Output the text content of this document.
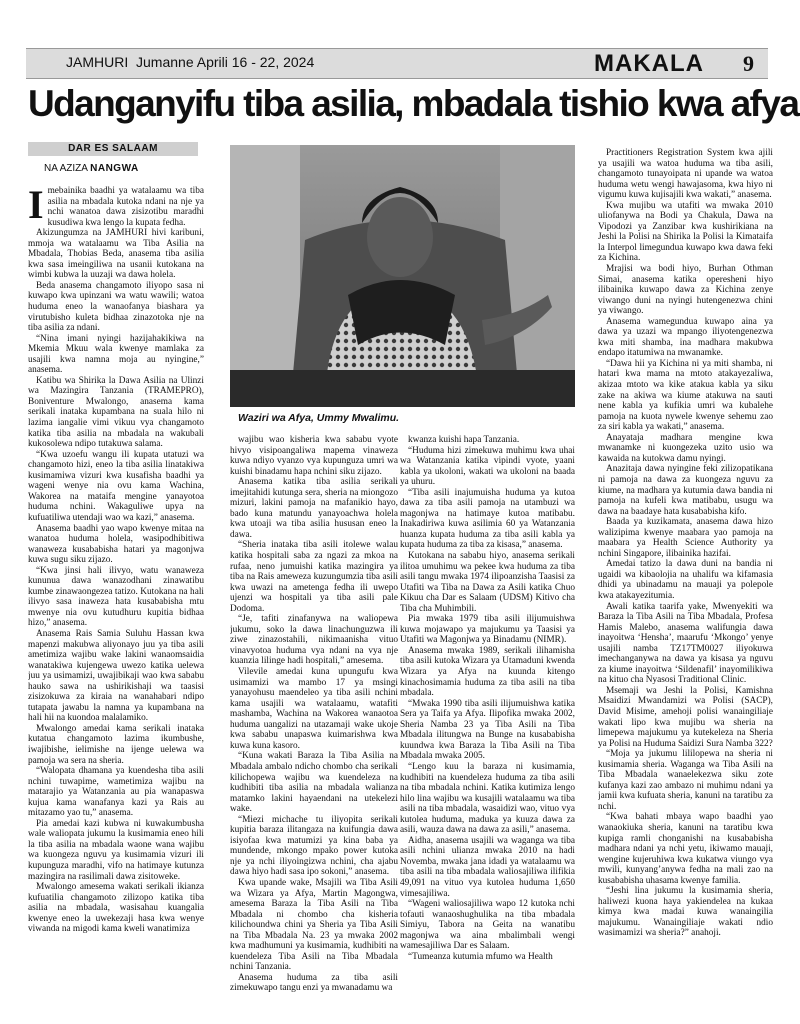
JAMHURI Jumanne Aprili 16 - 22, 2024	MAKALA 9
Udanganyifu tiba asilia, mbadala tishio kwa afya
DAR ES SALAAM
NA AZIZA NANGWA
I mebainika baadhi ya watalaamu wa tiba asilia na mbadala kutoka ndani na nje ya nchi wanatoa dawa zisizotibu maradhi kusudiwa kwa lengo la kupata fedha.

Akizungumza na JAMHURI hivi karibuni, mmoja wa watalaamu wa Tiba Asilia na Mbadala, Thobias Beda, anasema tiba asilia kwa sasa imeingiliwa na usanii kutokana na wimbi kubwa la uuzaji wa dawa holela.

Beda anasema changamoto iliyopo sasa ni kuwapo kwa upinzani wa watu wawili; watoa huduma eneo la wanaofanya biashara ya virutubisho kuleta bidhaa zinazotoka nje na tiba asilia za ndani.

“Nina imani nyingi hazijahakikiwa na Mkemia Mkuu wala kwenye mamlaka za usajili kwa namna moja au nyingine,” anasema.

Katibu wa Shirika la Dawa Asilia na Ulinzi wa Mazingira Tanzania (TRAMEPRO), Boniventure Mwalongo, anasema kama serikali inataka kupambana na suala hilo ni lazima iangalie vimi vikuu vya changamoto katika tiba asilia na mbadala na wakubali kukosolewa ndipo tutakuwa salama.

“Kwa uzoefu wangu ili kupata utatuzi wa changamoto hizi, eneo la tiba asilia linatakiwa kusimamiwa vizuri kwa kusafisha baadhi ya wageni wenye nia ovu kama Wachina, Wakorea na mataifa mengine yanayotoa huduma nchini. Wakaguliwe upya na kufuatiliwa utendaji wao wa kazi,” anasema.

Anasema baadhi yao wapo kwenye mitaa na wanatoa huduma holela, wasipodhibitiwa wanaweza kusababisha hatari ya magonjwa kuwa sugu siku zijazo.

“Kwa jinsi hali ilivyo, watu wanaweza kununua dawa wanazodhani zinawatibu kumbe zinawaongezea tatizo. Kutokana na hali ilivyo sasa inaweza hata kusababisha mtu mwenye nia ovu kutudhuru kupitia bidhaa hizo,” anasema.

Anasema Rais Samia Suluhu Hassan kwa mapenzi makubwa aliyonayo juu ya tiba asili ametimiza wajibu wake lakini wanaomsaidia wanatakiwa kujengewa uwezo katika uelewa juu ya usimamizi, uwajibikaji wao kwa sababu hauko sawa na ushirikishaji wa taasisi zisizokuwa za kiraia na wanahabari ndipo tutapata jawabu la namna ya kupambana na hali hii na kuondoa malalamiko.

Mwalongo amedai kama serikali inataka kutatua changamoto lazima ikumbushe, iwajibishe, ielimishe na ijenge uelewa wa pamoja wa sera na sheria.

“Walopata dhamana ya kuendesha tiba asili nchini tuwapime, wametimiza wajibu na matarajio ya Watanzania au pia wanapaswa kujua kama wanafanya kazi ya Rais au mitazamo yao tu,” anasema.

Pia amedai kazi kubwa ni kuwakumbusha wale waliopata jukumu la kusimamia eneo hili la tiba asilia na mbadala waone wana wajibu wa kuongeza nguvu ya kusimamia vizuri ili kupunguza maradhi, vifo na hatimaye kutunza mazingira na rasilimali dawa zisitoweke.

Mwalongo amesema wakati serikali ikianza kufuatilia changamoto zilizopo katika tiba asilia na mbadala, wasisahau kuangalia kwenye eneo la uwekezaji hasa kwa wenye viwanda na migodi kama kweli wanatimiza

Waziri wa Afya, Ummy Mwalimu.

wajibu wao kisheria kwa sababu vyote hivyo visipoangaliwa mapema vinaweza kuwa ndiyo vyanzo vya kupunguza umri wa kuishi binadamu hapa nchini siku zijazo.

Anasema katika tiba asilia serikali imejitahidi kutunga sera, sheria na miongozo mizuri, lakini pamoja na mafanikio hayo, bado kuna matundu yanayoachwa holela kwa utoaji wa tiba asilia hususan eneo la dawa.

“Sheria inataka tiba asili itolewe walau katika hospitali saba za ngazi za mkoa na rufaa, neno jumuishi katika mazingira ya tiba na Rais ameweza kuzungumzia tiba asili kwa uwazi na ametenga fedha ili uwepo ujenzi wa hospitali ya tiba asili pale Dodoma.

“Je, tafiti zinafanywa na waliopewa jukumu, soko la dawa linachunguzwa ili ziwe zinazostahili, nikimaanisha vituo vinavyotoa huduma vya ndani na vya nje kuanzia lilinge hadi hospitali,” amesema.

Vilevile amedai kuna upungufu kwa usimamizi wa mambo 17 ya msingi yanayohusu maendeleo ya tiba asili nchini kama usajili wa watalaamu, watafiti mashamba, Wachina na Wakorea wanaotoa huduma uangalizi na utazamaji wake ukoje kwa sababu unapaswa kuimarishwa kwa kuwa kuna kasoro.

“Kuna wakati Baraza la Tiba Asilia na Mbadala ambalo ndicho chombo cha serikali kilichopewa wajibu wa kuendeleza na kudhibiti tiba asilia na mbadala walianza matamko lakini hayaendani na utekelezi wake.

“Miezi michache tu iliyopita serikali kupitia baraza ilitangaza na kuifungia dawa isiyofaa kwa matumizi ya kina baba ya mundende, mkongo mpako power kutoka nje ya nchi iliyoingizwa nchini, cha ajabu dawa hiyo hadi sasa ipo sokoni,” anasema.

Kwa upande wake, Msajili wa Tiba Asili wa Wizara ya Afya, Martin Magongwa, amesema Baraza la Tiba Asili na Tiba Mbadala ni chombo cha kisheria kilichoundwa chini ya Sheria ya Tiba Asili na Tiba Mbadala Na. 23 ya mwaka 2002 kwa madhumuni ya kusimamia, kudhibiti na kuendeleza Tiba Asili na Tiba Mbadala nchini Tanzania.

Anasema huduma za tiba asili zimekuwapo tangu enzi ya mwanadamu wa

kwanza kuishi hapa Tanzania.

“Huduma hizi zimekuwa muhimu kwa uhai wa Watanzania katika vipindi vyote, yaani kabla ya ukoloni, wakati wa ukoloni na baada ya uhuru.

“Tiba asili inajumuisha huduma ya kutoa dawa za tiba asili pamoja na utambuzi wa magonjwa na hatimaye kutoa matibabu. Inakadiriwa kuwa asilimia 60 ya Watanzania huanza kupata huduma za tiba asili kabla ya kupata huduma za tiba za kisasa,” anasema.

Kutokana na sababu hiyo, anasema serikali ilitoa umuhimu wa pekee kwa huduma za tiba asili tangu mwaka 1974 ilipoanzisha Taasisi za Utafiti wa Tiba na Dawa za Asili katika Chuo Kikuu cha Dar es Salaam (UDSM) Kitivo cha Tiba cha Muhimbili.

Pia mwaka 1979 tiba asili ilijumuishwa kuwa mojawapo ya majukumu ya Taasisi ya Utafiti wa Magonjwa ya Binadamu (NIMR).

Anasema mwaka 1989, serikali ilihamisha tiba asili kutoka Wizara ya Utamaduni kwenda Wizara ya Afya na kuunda kitengo kinachosimamia huduma za tiba asili na tiba mbadala.

“Mwaka 1990 tiba asili ilijumuishwa katika Sera ya Taifa ya Afya. Ilipofika mwaka 2002, Sheria Namba 23 ya Tiba Asili na Tiba Mbadala ilitungwa na Bunge na kusababisha kuundwa kwa Baraza la Tiba Asili na Tiba Mbadala mwaka 2005.

“Lengo kuu la baraza ni kusimamia, kudhibiti na kuendeleza huduma za tiba asili na tiba mbadala nchini. Katika kutimiza lengo hilo lina wajibu wa kusajili watalaamu wa tiba asili na tiba mbadala, wasaidizi wao, vituo vya kutolea huduma, maduka ya kuuza dawa za asili, wauza dawa na dawa za asili,” anasema.

Aidha, anasema usajili wa waganga wa tiba asili nchini ulianza mwaka 2010 na hadi Novemba, mwaka jana idadi ya watalaamu wa tiba asili na tiba mbadala waliosajiliwa ilifikia 49,091 na vituo vya kutolea huduma 1,650 vimesajiliwa.

“Wageni waliosajiliwa wapo 12 kutoka nchi tofauti wanaoshughulika na tiba mbadala Simiyu, Tabora na Geita na wanatibu magonjwa wa aina mbalimbali wengi wamesajiliwa Dar es Salaam.

“Tumeanza kutumia mfumo wa Health

Practitioners Registration System kwa ajili ya usajili wa watoa huduma wa tiba asili, changamoto tunayoipata ni upande wa watoa huduma wetu wengi hawajasoma, kwa hiyo ni vigumu kuwa kujisajili kwa wakati,” anasema.

Kwa mujibu wa utafiti wa mwaka 2010 uliofanywa na Bodi ya Chakula, Dawa na Vipodozi ya Zanzibar kwa kushirikiana na Jeshi la Polisi na Shirika la Polisi la Kimataifa la Interpol limegundua kuwapo kwa dawa feki za Kichina.

Mrajisi wa bodi hiyo, Burhan Othman Simai, anasema katika operesheni hiyo ilibainika kuwapo dawa za Kichina zenye viwango duni na nyingi hutengenezwa chini ya viwango.

Anasema wamegundua kuwapo aina ya dawa ya uzazi wa mpango iliyotengenezwa kwa miti shamba, ina madhara makubwa endapo itatumiwa na mwanamke.

“Dawa hii ya Kichina ni ya miti shamba, ni hatari kwa mama na mtoto atakayezaliwa, akizaa mtoto wa kike atakua kabla ya siku zake na akiwa wa kiume atakuwa na sauti nene kabla ya kufikia umri wa kubalehe pamoja na kuota nywele kwenye sehemu zao za siri kabla ya wakati,” anasema.

Anayataja madhara mengine kwa mwanamke ni kuongezeka uzito usio wa kawaida na kutokwa damu nyingi.

Anazitaja dawa nyingine feki zilizopatikana ni pamoja na dawa za kuongeza nguvu za kiume, na madhara ya kutumia dawa bandia ni pamoja na kufeli kwa matibabu, usugu wa dawa na baadaye hata kusababisha kifo.

Baada ya kuzikamata, anasema dawa hizo walizipima kwenye maabara yao pamoja na maabara ya Health Science Authority ya nchini Singapore, ilibainika hazifai.

Amedai tatizo la dawa duni na bandia ni ugaidi wa kibaolojia na uhalifu wa kifamasia dhidi ya ubinadamu na mauaji ya polepole kwa atakayezitumia.

Awali katika taarifa yake, Mwenyekiti wa Baraza la Tiba Asili na Tiba Mbadala, Profesa Hamis Malebo, anasema walifungia dawa inayoitwa ‘Hensha’, maarufu ‘Mkongo’ yenye usajili namba TZ17TM0027 iliyokuwa imechanganywa na dawa ya kisasa ya nguvu za kiume inayoitwa ‘Sildenafil’ inayomilikiwa na kituo cha Nyasosi Traditional Clinic.

Msemaji wa Jeshi la Polisi, Kamishna Msaidizi Mwandamizi wa Polisi (SACP), David Misime, amehoji polisi wanaingiliaje wakati lipo kwa mujibu wa sheria na limepewa majukumu ya kutekeleza na Sheria ya Polisi na Huduma Saidizi Sura Namba 322?

“Moja ya jukumu lililopewa na sheria ni kusimamia sheria. Waganga wa Tiba Asili na Tiba Mbadala wanaelekezwa siku zote kufanya kazi zao ambazo ni muhimu ndani ya jamii kwa kufuata sheria, kanuni na taratibu za nchi.

“Kwa bahati mbaya wapo baadhi yao wanaokiuka sheria, kanuni na taratibu kwa kupiga ramli chonganishi na kusababisha madhara ndani ya nchi yetu, ikiwamo mauaji, wengine kujeruhiwa kwa kukatwa viungo vya mwili, kunyang’anywa fedha na mali zao na kusababisha uhasama kwenye familia.

“Jeshi lina jukumu la kusimamia sheria, haliwezi kuona haya yakiendelea na kukaa kimya kwa madai kuwa wanaingilia majukumu. Wanaingiliaje wakati ndio wasimamizi wa sheria?” anahoji.
